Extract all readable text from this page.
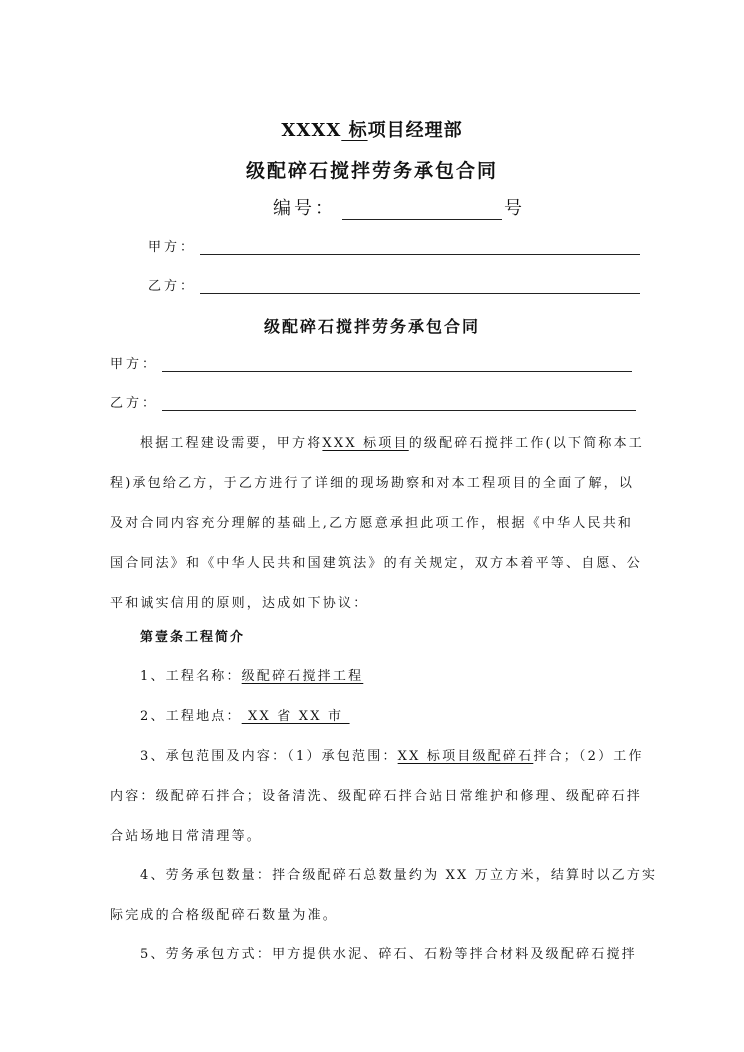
XXXX 标项目经理部
级配碎石搅拌劳务承包合同
编号：	号
甲方：
乙方：
级配碎石搅拌劳务承包合同
甲方：
乙方：
根据工程建设需要，甲方将XXX 标项目的级配碎石搅拌工作(以下简称本工
程)承包给乙方，于乙方进行了详细的现场勘察和对本工程项目的全面了解，以
及对合同内容充分理解的基础上,乙方愿意承担此项工作，根据《中华人民共和
国合同法》和《中华人民共和国建筑法》的有关规定，双方本着平等、自愿、公
平和诚实信用的原则，达成如下协议：
第壹条工程简介
1、工程名称：级配碎石搅拌工程
2、工程地点： XX 省 XX 市
3、承包范围及内容：（1）承包范围：XX 标项目级配碎石拌合；（2）工作
内容：级配碎石拌合；设备清洗、级配碎石拌合站日常维护和修理、级配碎石拌
合站场地日常清理等。
4、劳务承包数量：拌合级配碎石总数量约为 XX 万立方米，结算时以乙方实
际完成的合格级配碎石数量为准。
5、劳务承包方式：甲方提供水泥、碎石、石粉等拌合材料及级配碎石搅拌
